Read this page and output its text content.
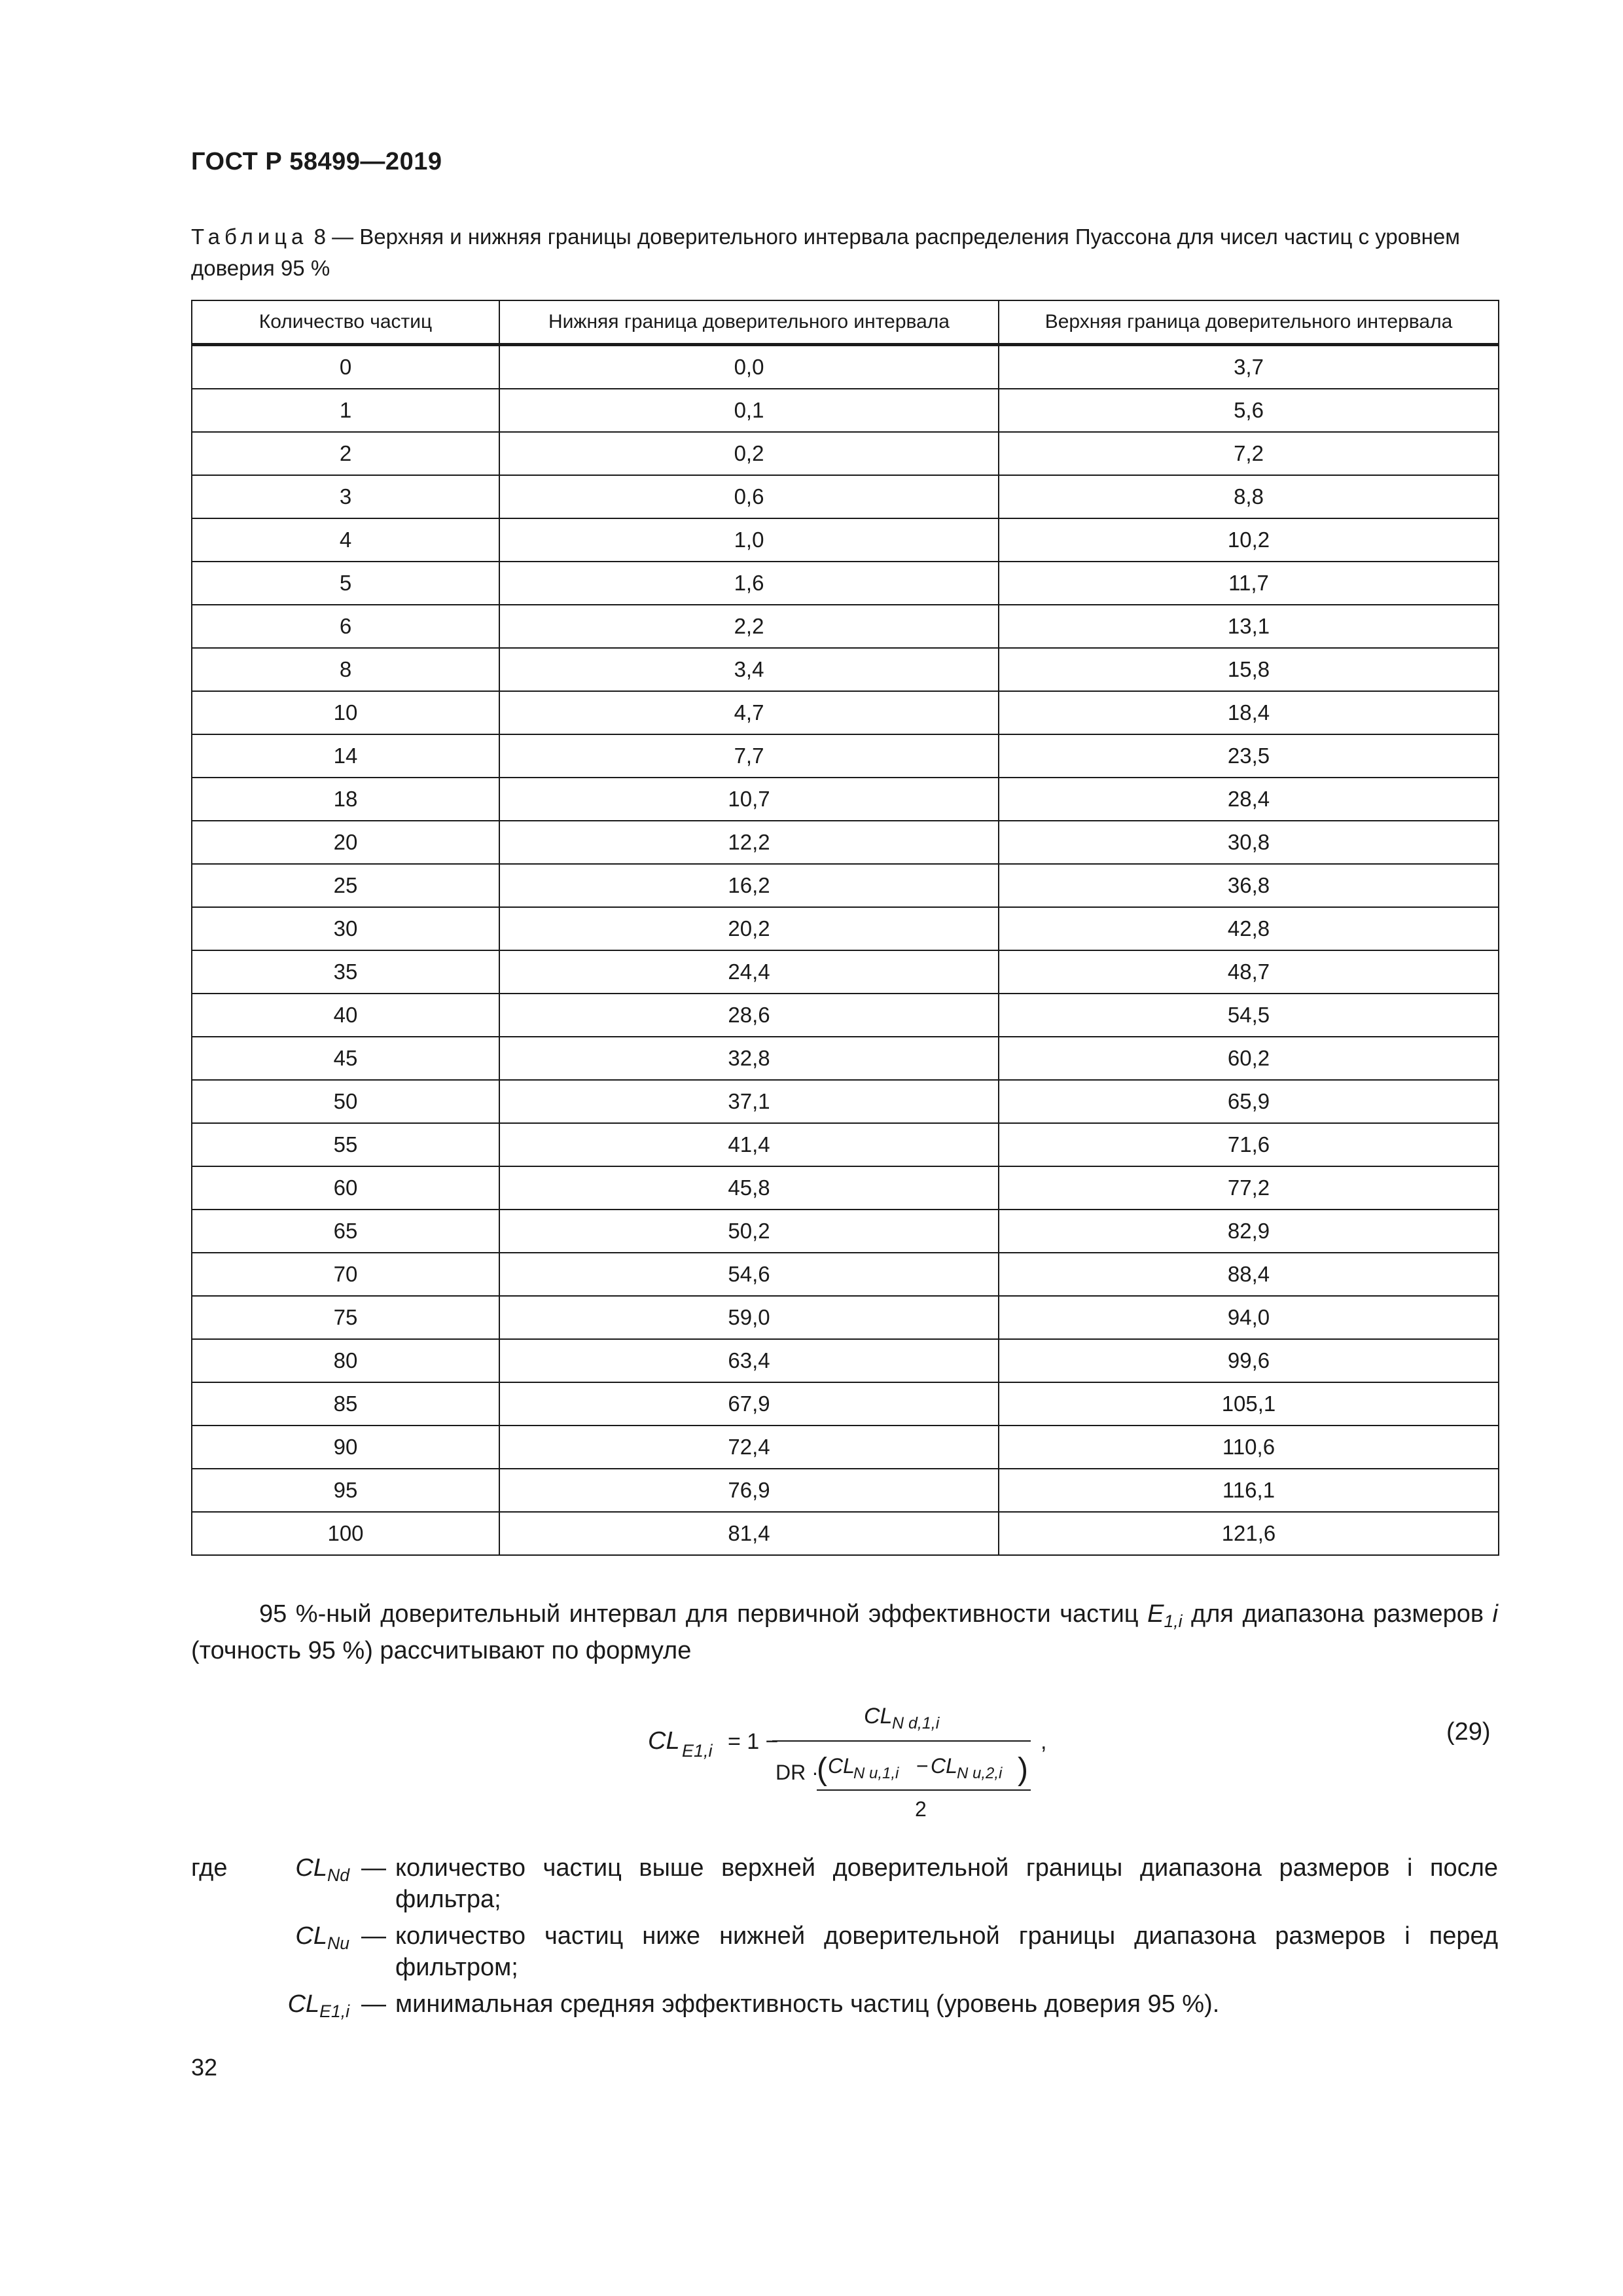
ГОСТ Р 58499—2019
Таблица 8 — Верхняя и нижняя границы доверительного интервала распределения Пуассона для чисел частиц с уровнем доверия 95 %
Количество частиц	Нижняя граница доверительного интервала	Верхняя граница доверительного интервала
0	0,0	3,7
1	0,1	5,6
2	0,2	7,2
3	0,6	8,8
4	1,0	10,2
5	1,6	11,7
6	2,2	13,1
8	3,4	15,8
10	4,7	18,4
14	7,7	23,5
18	10,7	28,4
20	12,2	30,8
25	16,2	36,8
30	20,2	42,8
35	24,4	48,7
40	28,6	54,5
45	32,8	60,2
50	37,1	65,9
55	41,4	71,6
60	45,8	77,2
65	50,2	82,9
70	54,6	88,4
75	59,0	94,0
80	63,4	99,6
85	67,9	105,1
90	72,4	110,6
95	76,9	116,1
100	81,4	121,6
95 %-ный доверительный интервал для первичной эффективности частиц $E_{1,i}$ для диапазона размеров i (точность 95 %) рассчитывают по формуле
CL E1,i = 1 −
CL N d,1,i
DR ·
( CL
N u,1,i − CL N u,2,i )
2
,	(29)
где	$CL_{Nd}$ — количество частиц выше верхней доверительной границы диапазона размеров i после фильтра;
$CL_{Nu}$ — количество частиц ниже нижней доверительной границы диапазона размеров i перед фильтром;
$CL_{E1,i}$ — минимальная средняя эффективность частиц (уровень доверия 95 %).
32
